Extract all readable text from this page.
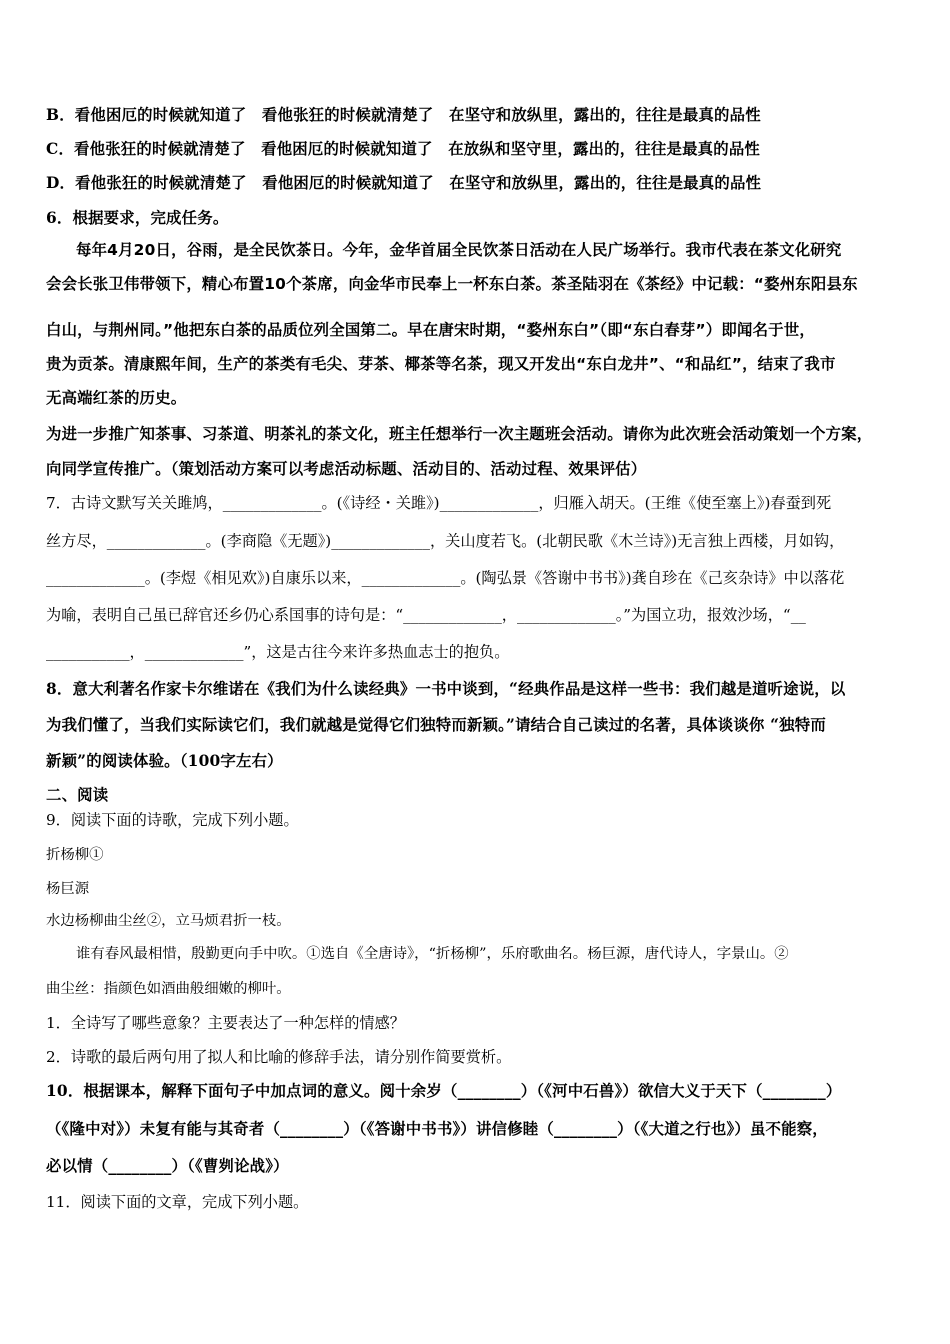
B．看他困厄的时候就知道了　看他张狂的时候就清楚了　在坚守和放纵里，露出的，往往是最真的品性
C．看他张狂的时候就清楚了　看他困厄的时候就知道了　在放纵和坚守里，露出的，往往是最真的品性
D．看他张狂的时候就清楚了　看他困厄的时候就知道了　在坚守和放纵里，露出的，往往是最真的品性
6．根据要求，完成任务。
每年4月20日，谷雨，是全民饮茶日。今年，金华首届全民饮茶日活动在人民广场举行。我市代表在茶文化研究
会会长张卫伟带领下，精心布置10个茶席，向金华市民奉上一杯东白茶。茶圣陆羽在《茶经》中记载：“婺州东阳县东
白山，与荆州同。”他把东白茶的品质位列全国第二。早在唐宋时期，“婺州东白”（即“东白春芽”）即闻名于世，
贵为贡茶。清康熙年间，生产的茶类有毛尖、芽茶、椰茶等名茶，现又开发出“东白龙井”、“和品红”，结束了我市
无高端红茶的历史。
为进一步推广知茶事、习茶道、明茶礼的茶文化，班主任想举行一次主题班会活动。请你为此次班会活动策划一个方案，
向同学宣传推广。（策划活动方案可以考虑活动标题、活动目的、活动过程、效果评估）
7．古诗文默写关关雎鸠，_____________。(《诗经・关雎》)_____________，归雁入胡天。(王维《使至塞上》)春蚕到死
丝方尽，_____________。(李商隐《无题》)_____________，关山度若飞。(北朝民歌《木兰诗》)无言独上西楼，月如钩，
_____________。(李煜《相见欢》)自康乐以来，_____________。(陶弘景《答谢中书书》)龚自珍在《己亥杂诗》中以落花
为喻，表明自己虽已辞官还乡仍心系国事的诗句是：“_____________，_____________。”为国立功，报效沙场，“__
___________，_____________”，这是古往今来许多热血志士的抱负。
8．意大利著名作家卡尔维诺在《我们为什么读经典》一书中谈到，“经典作品是这样一些书：我们越是道听途说，以
为我们懂了，当我们实际读它们，我们就越是觉得它们独特而新颖。”请结合自己读过的名著，具体谈谈你 “独特而
新颖”的阅读体验。（100字左右）
二、阅读
9．阅读下面的诗歌，完成下列小题。
折杨柳①
杨巨源
水边杨柳曲尘丝②，立马烦君折一枝。
谁有春风最相惜，殷勤更向手中吹。①选自《全唐诗》，“折杨柳”，乐府歌曲名。杨巨源，唐代诗人，字景山。②
曲尘丝：指颜色如酒曲般细嫩的柳叶。
1．全诗写了哪些意象？主要表达了一种怎样的情感？
2．诗歌的最后两句用了拟人和比喻的修辞手法，请分别作简要赏析。
10．根据课本，解释下面句子中加点词的意义。阅十余岁（________）（《河中石兽》）欲信大义于天下（________）
（《隆中对》）未复有能与其奇者（________）（《答谢中书书》）讲信修睦（________）（《大道之行也》）虽不能察，
必以情（________）（《曹刿论战》）
11．阅读下面的文章，完成下列小题。
